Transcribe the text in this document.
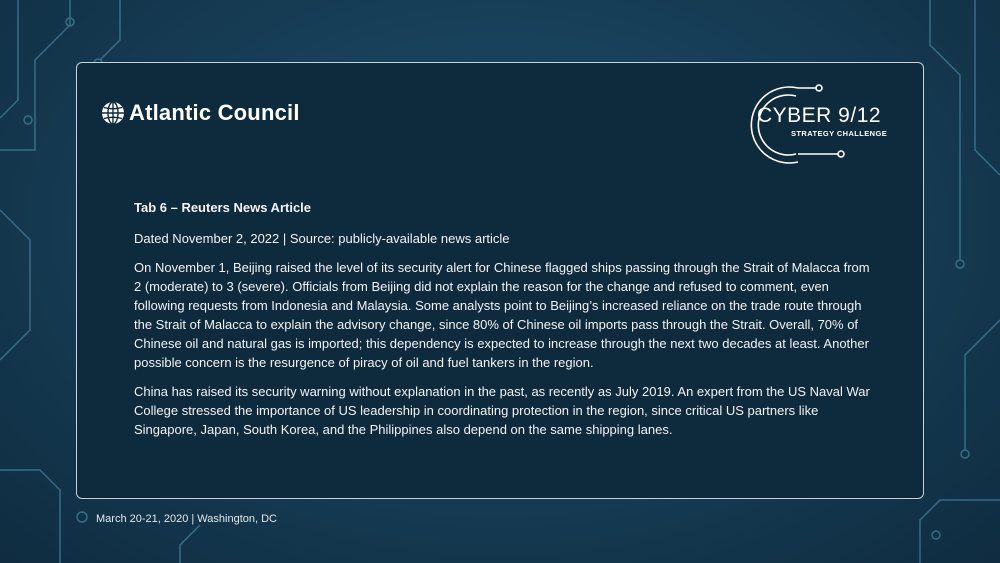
Atlantic Council	CYBER 9/12
STRATEGY CHALLENGE

Tab 6 – Reuters News Article

Dated November 2, 2022 | Source: publicly-available news article

On November 1, Beijing raised the level of its security alert for Chinese flagged ships passing through the Strait of Malacca from 2 (moderate) to 3 (severe). Officials from Beijing did not explain the reason for the change and refused to comment, even following requests from Indonesia and Malaysia. Some analysts point to Beijing’s increased reliance on the trade route through the Strait of Malacca to explain the advisory change, since 80% of Chinese oil imports pass through the Strait. Overall, 70% of Chinese oil and natural gas is imported; this dependency is expected to increase through the next two decades at least. Another possible concern is the resurgence of piracy of oil and fuel tankers in the region.

China has raised its security warning without explanation in the past, as recently as July 2019. An expert from the US Naval War College stressed the importance of US leadership in coordinating protection in the region, since critical US partners like Singapore, Japan, South Korea, and the Philippines also depend on the same shipping lanes.

March 20-21, 2020 | Washington, DC
